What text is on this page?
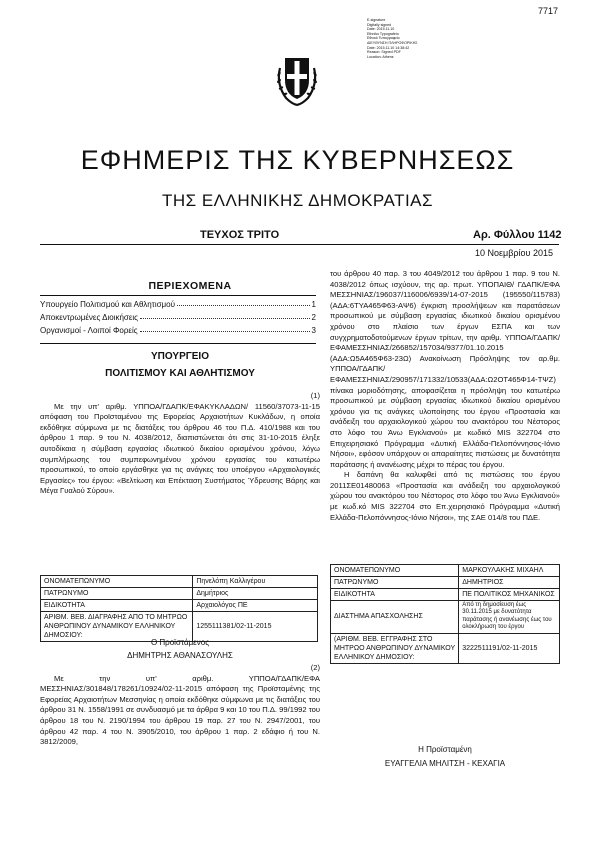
7717
E-signature
Digitally signed
Date: 2015.11.10
Ethniko Typografeio
Εθνικό Τυπογραφείο
ΔΙΕΥΘΥΝΣΗ ΠΛΗΡΟΦΟΡΙΚΗΣ
Date: 2015.11.10 14:38:42
Reason: Signed PDF
Location: Athens
ΕΦΗΜΕΡΙΣ ΤΗΣ ΚΥΒΕΡΝΗΣΕΩΣ
ΤΗΣ ΕΛΛΗΝΙΚΗΣ ΔΗΜΟΚΡΑΤΙΑΣ
ΤΕΥΧΟΣ ΤΡΙΤΟ	Αρ. Φύλλου 1142
10 Νοεμβρίου 2015
ΠΕΡΙΕΧΟΜΕΝΑ
Υπουργείο Πολιτισμού και Αθλητισμού	1
Αποκεντρωμένες Διοικήσεις	2
Οργανισμοί - Λοιποί Φορείς	3
ΥΠΟΥΡΓΕΙΟ
ΠΟΛΙΤΙΣΜΟΥ ΚΑΙ ΑΘΛΗΤΙΣΜΟΥ

(1)

Με την υπ' αριθμ. ΥΠΠΟΑ/ΓΔΑΠΚ/ΕΦΑΚΥΚΛΑΔΩΝ/ 11560/37073-11-15 απόφαση του Προϊσταμένου της Εφορείας Αρχαιοτήτων Κυκλάδων, η οποία εκδόθηκε σύμφωνα με τις διατάξεις του άρθρου 46 του Π.Δ. 410/1988 και του άρθρου 1 παρ. 9 του Ν. 4038/2012, διαπιστώνεται ότι στις 31-10-2015 έληξε αυτοδίκαια η σύμβαση εργασίας ιδιωτικού δικαίου ορισμένου χρόνου, λόγω συμπλήρωσης του συμπεφωνημένου χρόνου εργασίας του κατωτέρω προσωπικού, το οποίο εργάσθηκε για τις ανάγκες του υποέργου «Αρχαιολογικές Εργασίες» του έργου: «Βελτίωση και Επέκταση Συστήματος Ύδρευσης Βάρης και Μέγα Γυαλού Σύρου».

ΟΝΟΜΑΤΕΠΩΝΥΜΟ	Πηνελόπη Καλλιγέρου
ΠΑΤΡΩΝΥΜΟ	Δημήτριος
ΕΙΔΙΚΟΤΗΤΑ	Αρχαιολόγος ΠΕ
ΑΡΙΘΜ. ΒΕΒ. ΔΙΑΓΡΑΦΗΣ ΑΠΟ ΤΟ ΜΗΤΡΩΟ ΑΝΘΡΩΠΙΝΟΥ ΔΥΝΑΜΙΚΟΥ ΕΛΛΗΝΙΚΟΥ ΔΗΜΟΣΙΟΥ:	1255111381/02-11-2015
Ο Προϊστάμενος
ΔΗΜΗΤΡΗΣ ΑΘΑΝΑΣΟΥΛΗΣ

(2)

Με την υπ' αριθμ. ΥΠΠΟΑ/ΓΔΑΠΚ/ΕΦΑ ΜΕΣΣΗΝΙΑΣ/301848/178261/10924/02-11-2015 απόφαση της Προϊσταμένης της Εφορείας Αρχαιοτήτων Μεσσηνίας η οποία εκδόθηκε σύμφωνα με τις διατάξεις του άρθρου 31 Ν. 1558/1991 σε συνδυασμό με τα άρθρα 9 και 10 του Π.Δ. 99/1992 του άρθρου 18 του Ν. 2190/1994 του άρθρου 19 παρ. 27 του Ν. 2947/2001, του άρθρου 42 παρ. 4 του Ν. 3905/2010, του άρθρου 1 παρ. 2 εδάφιο ή του Ν. 3812/2009,

του άρθρου 40 παρ. 3 του 4049/2012 του άρθρου 1 παρ. 9 του Ν. 4038/2012 όπως ισχύουν, της αρ. πρωτ. ΥΠΟΠΑΙΘ/ ΓΔΑΠΚ/ΕΦΑ ΜΕΣΣΗΝΙΑΣ/196037/116006/6939/14-07-2015 (195550/115783) (ΑΔΑ:6ΤΥΑ465Φ63-ΑΨ6) έγκριση προσλήψεων και παρατάσεων προσωπικού με σύμβαση εργασίας ιδιωτικού δικαίου ορισμένου χρόνου στο πλαίσιο των έργων ΕΣΠΑ και των συγχρηματοδοτούμενων έργων τρίτων, την αριθμ. ΥΠΠΟΑ/ΓΔΑΠΚ/ΕΦΑΜΕΣΣΗΝΙΑΣ/266852/157034/9377/01.10.2015 (ΑΔΑ:Ω5Α465Φ63-23Ω) Ανακοίνωση Πρόσληψης τον αρ.θμ. ΥΠΠΟΑ/ΓΔΑΠΚ/ΕΦΑΜΕΣΣΗΝΙΑΣ/290957/171332/10533(ΑΔΑ:Ω2ΟΤ465Φ14-ΤΨΖ) πίνακα μοριοδότησης, αποφασίζεται η πρόσληψη του κατωτέρω προσωπικού με σύμβαση εργασίας ιδιωτικού δικαίου ορισμένου χρόνου για τις ανάγκες υλοποίησης του έργου «Προστασία και ανάδειξη του αρχαιολογικού χώρου του ανακτόρου του Νέστορος στο λόφο του Άνω Εγκλιανού» με κωδικό MIS 322704 στο Επιχειρησιακό Πρόγραμμα «Δυτική Ελλάδα-Πελοπόννησος-Ιόνιο Νήσοι», εφόσον υπάρχουν οι απαραίτητες πιστώσεις με δυνατότητα παράτασης ή ανανέωσης μέχρι το πέρας του έργου.

Η δαπάνη θα καλυφθεί από τις πιστώσεις του έργου 2011ΣΕ01480063 «Προστασία και ανάδειξη του αρχαιολογικού χώρου του ανακτόρου του Νέστορος στο λόφο του Άνω Εγκλιανού» με κωδ.κό MIS 322704 στο Επ.χειρησιακό Πρόγραμμα «Δυτική Ελλάδα-Πελοπόννησος-Ιόνιο Νήσοι», της ΣΑΕ 014/8 του ΠΔΕ.

ΟΝΟΜΑΤΕΠΩΝΥΜΟ	ΜΑΡΚΟΥΛΑΚΗΣ ΜΙΧΑΗΛ
ΠΑΤΡΩΝΥΜΟ	ΔΗΜΗΤΡΙΟΣ
ΕΙΔΙΚΟΤΗΤΑ	ΠΕ ΠΟΛΙΤΙΚΟΣ ΜΗΧΑΝΙΚΟΣ
ΔΙΑΣΤΗΜΑ ΑΠΑΣΧΟΛΗΣΗΣ	Από τη δημοσίευση έως 30.11.2015 με δυνατότητα παράτασης ή ανανέωσης έως του ολοκλήρωση του έργου
(ΑΡΙΘΜ. ΒΕΒ. ΕΓΓΡΑΦΗΣ ΣΤΟ ΜΗΤΡΩΟ ΑΝΘΡΩΠΙΝΟΥ ΔΥΝΑΜΙΚΟΥ ΕΛΛΗΝΙΚΟΥ ΔΗΜΟΣΙΟΥ:	3222511191/02-11-2015
Η Προϊσταμένη
ΕΥΑΓΓΕΛΙΑ ΜΗΛΙΤΣΗ - ΚΕΧΑΓΙΑ
